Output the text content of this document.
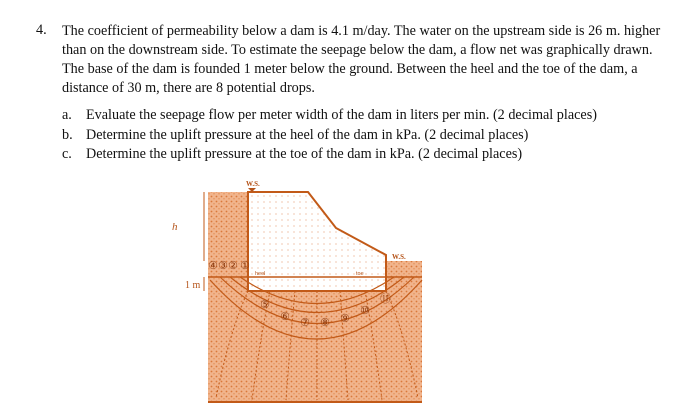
4. The coefficient of permeability below a dam is 4.1 m/day. The water on the upstream side is 26 m. higher
than on the downstream side. To estimate the seepage below the dam, a flow net was graphically drawn.
The base of the dam is founded 1 meter below the ground. Between the heel and the toe of the dam, a
distance of 30 m, there are 8 potential drops.
a. Evaluate the seepage flow per meter width of the dam in liters per min. (2 decimal places)
b. Determine the uplift pressure at the heel of the dam in kPa. (2 decimal places)
c. Determine the uplift pressure at the toe of the dam in kPa. (2 decimal places)
h
1 m
W.S.
W.S.
heel	toe
④ ③ ② ①
⑤
⑥ ⑦ ⑧ ⑨
⑩
⑪
